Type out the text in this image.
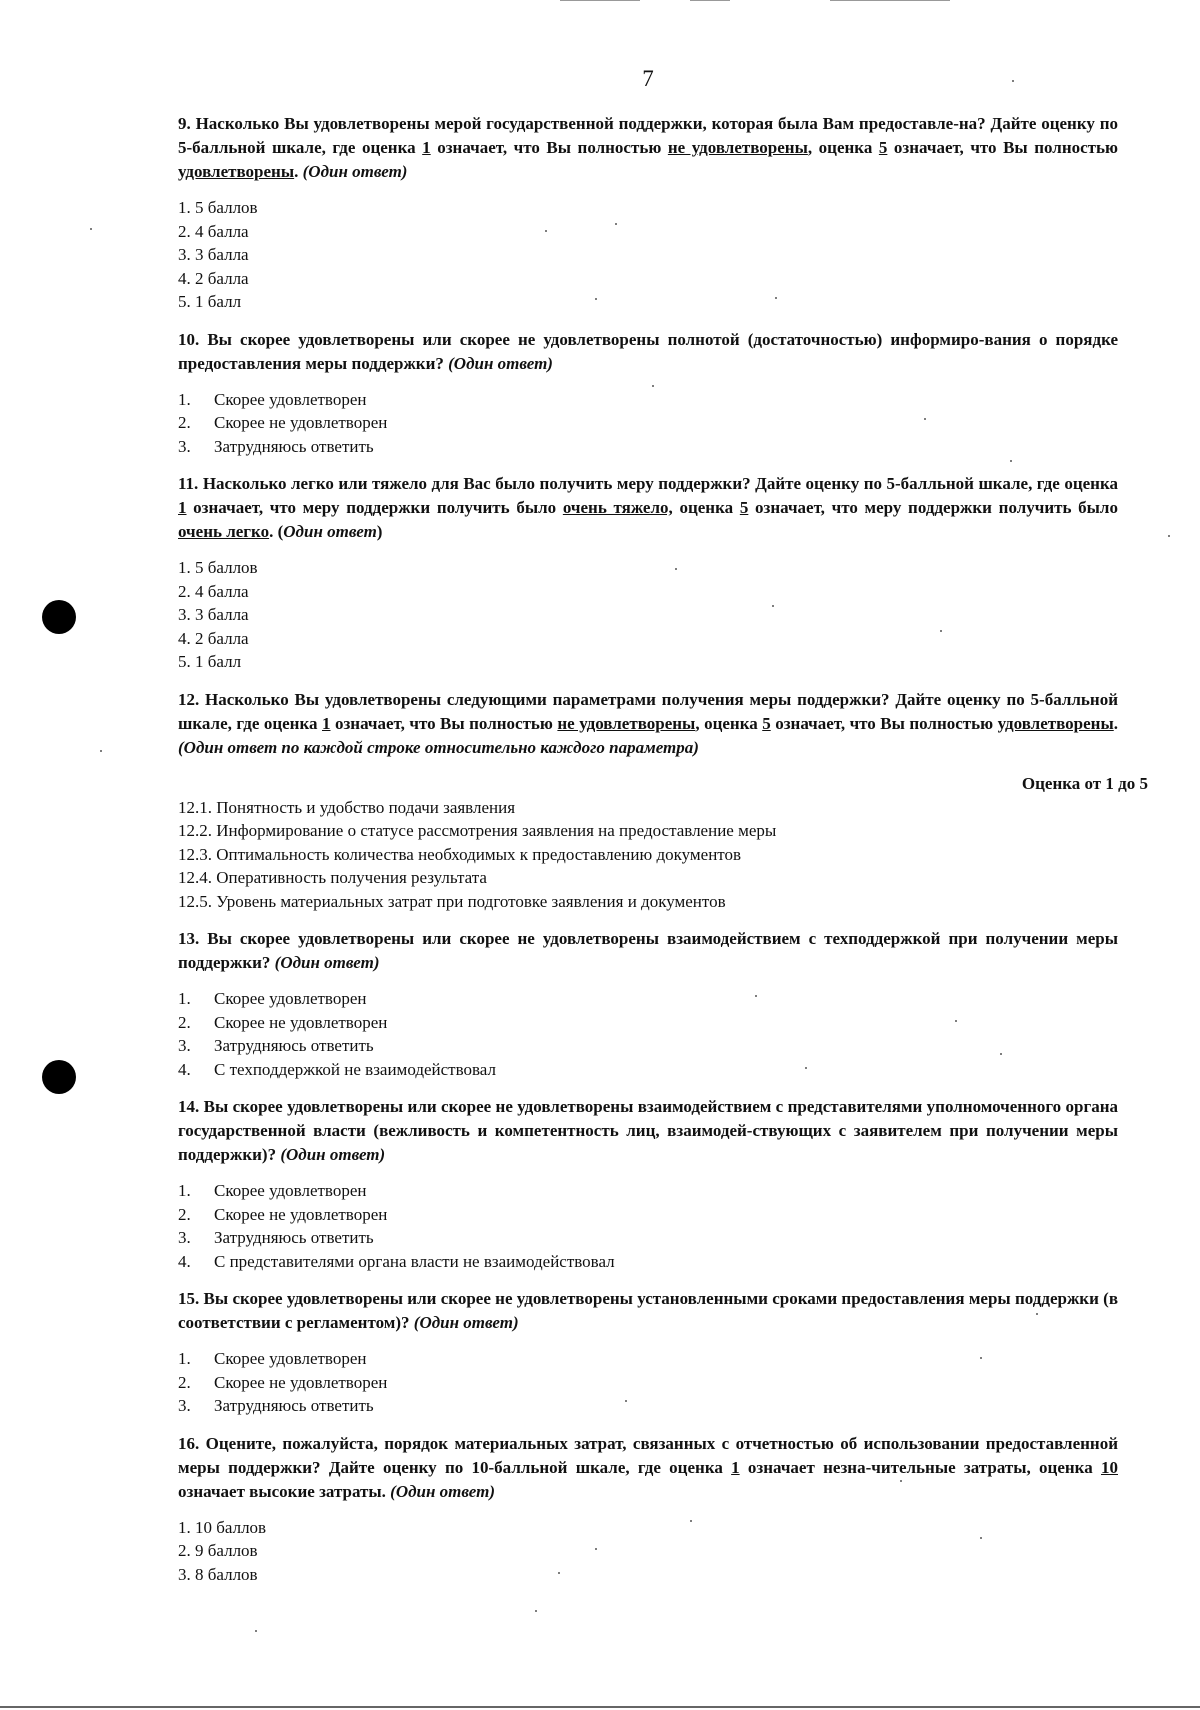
7

9. Насколько Вы удовлетворены мерой государственной поддержки, которая была Вам предоставле-на? Дайте оценку по 5-балльной шкале, где оценка 1 означает, что Вы полностью не удовлетворены, оценка 5 означает, что Вы полностью удовлетворены. (Один ответ)

1. 5 баллов
2. 4 балла
3. 3 балла
4. 2 балла
5. 1 балл

10. Вы скорее удовлетворены или скорее не удовлетворены полнотой (достаточностью) информиро-вания о порядке предоставления меры поддержки? (Один ответ)

1. Скорее удовлетворен
2. Скорее не удовлетворен
3. Затрудняюсь ответить

11. Насколько легко или тяжело для Вас было получить меру поддержки? Дайте оценку по 5-балльной шкале, где оценка 1 означает, что меру поддержки получить было очень тяжело, оценка 5 означает, что меру поддержки получить было очень легко. (Один ответ)

1. 5 баллов
2. 4 балла
3. 3 балла
4. 2 балла
5. 1 балл

12. Насколько Вы удовлетворены следующими параметрами получения меры поддержки? Дайте оценку по 5-балльной шкале, где оценка 1 означает, что Вы полностью не удовлетворены, оценка 5 означает, что Вы полностью удовлетворены. (Один ответ по каждой строке относительно каждого параметра)

Оценка от 1 до 5
12.1. Понятность и удобство подачи заявления
12.2. Информирование о статусе рассмотрения заявления на предоставление меры
12.3. Оптимальность количества необходимых к предоставлению документов
12.4. Оперативность получения результата
12.5. Уровень материальных затрат при подготовке заявления и документов

13. Вы скорее удовлетворены или скорее не удовлетворены взаимодействием с техподдержкой при получении меры поддержки? (Один ответ)

1. Скорее удовлетворен
2. Скорее не удовлетворен
3. Затрудняюсь ответить
4. С техподдержкой не взаимодействовал

14. Вы скорее удовлетворены или скорее не удовлетворены взаимодействием с представителями уполномоченного органа государственной власти (вежливость и компетентность лиц, взаимодей-ствующих с заявителем при получении меры поддержки)? (Один ответ)

1. Скорее удовлетворен
2. Скорее не удовлетворен
3. Затрудняюсь ответить
4. С представителями органа власти не взаимодействовал

15. Вы скорее удовлетворены или скорее не удовлетворены установленными сроками предоставления меры поддержки (в соответствии с регламентом)? (Один ответ)

1. Скорее удовлетворен
2. Скорее не удовлетворен
3. Затрудняюсь ответить

16. Оцените, пожалуйста, порядок материальных затрат, связанных с отчетностью об использовании предоставленной меры поддержки? Дайте оценку по 10-балльной шкале, где оценка 1 означает незна-чительные затраты, оценка 10 означает высокие затраты. (Один ответ)

1. 10 баллов
2. 9 баллов
3. 8 баллов
